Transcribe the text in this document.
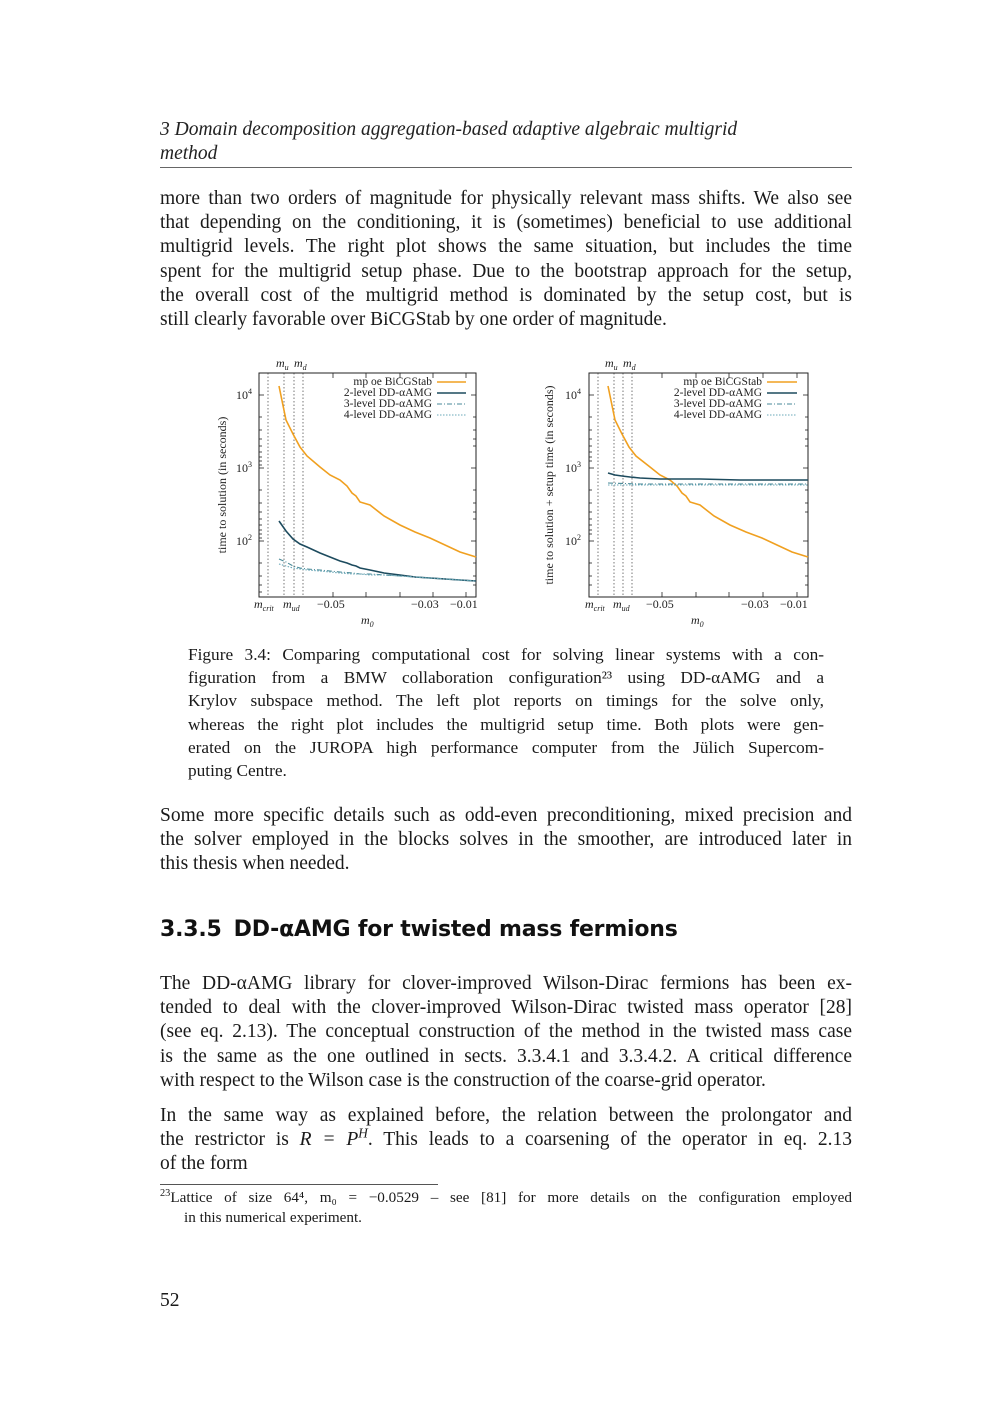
3 Domain decomposition aggregation-based αdaptive algebraic multigrid
method
more than two orders of magnitude for physically relevant mass shifts. We also see
that depending on the conditioning, it is (sometimes) beneficial to use additional
multigrid levels. The right plot shows the same situation, but includes the time
spent for the multigrid setup phase. Due to the bootstrap approach for the setup,
the overall cost of the multigrid method is dominated by the setup cost, but is
still clearly favorable over BiCGStab by one order of magnitude.
$10^4$
$10^3$
$10^2$
$m_{crit}$ $m_{ud} -0.05$	−0.03 −0.01
$m_0$
$m_u$ $m_d$
time to solution (in seconds)
mp oe BiCGStab
2-level DD-αAMG
3-level DD-αAMG
4-level DD-αAMG
$10^4$
$10^3$
$10^2$
$m_{crit}$ $m_{ud} -0.05$	−0.03 −0.01
$m_0$
$m_u$ $m_d$
time to solution + setup time (in seconds)
mp oe BiCGStab
2-level DD-αAMG
3-level DD-αAMG
4-level DD-αAMG
Figure 3.4: Comparing computational cost for solving linear systems with a con-
figuration from a BMW collaboration configuration²³ using DD-αAMG and a
Krylov subspace method. The left plot reports on timings for the solve only,
whereas the right plot includes the multigrid setup time. Both plots were gen-
erated on the JUROPA high performance computer from the Jülich Supercom-
puting Centre.
Some more specific details such as odd-even preconditioning, mixed precision and
the solver employed in the blocks solves in the smoother, are introduced later in
this thesis when needed.
3.3.5 DD-αAMG for twisted mass fermions
The DD-αAMG library for clover-improved Wilson-Dirac fermions has been ex-
tended to deal with the clover-improved Wilson-Dirac twisted mass operator [28]
(see eq. 2.13). The conceptual construction of the method in the twisted mass case
is the same as the one outlined in sects. 3.3.4.1 and 3.3.4.2. A critical difference
with respect to the Wilson case is the construction of the coarse-grid operator.
In the same way as explained before, the relation between the prolongator and
the restrictor is $R = P^H$. This leads to a coarsening of the operator in eq. 2.13
of the form
$^{23}$Lattice of size 64⁴, m₀ = −0.0529 – see [81] for more details on the configuration employed
in this numerical experiment.
52
